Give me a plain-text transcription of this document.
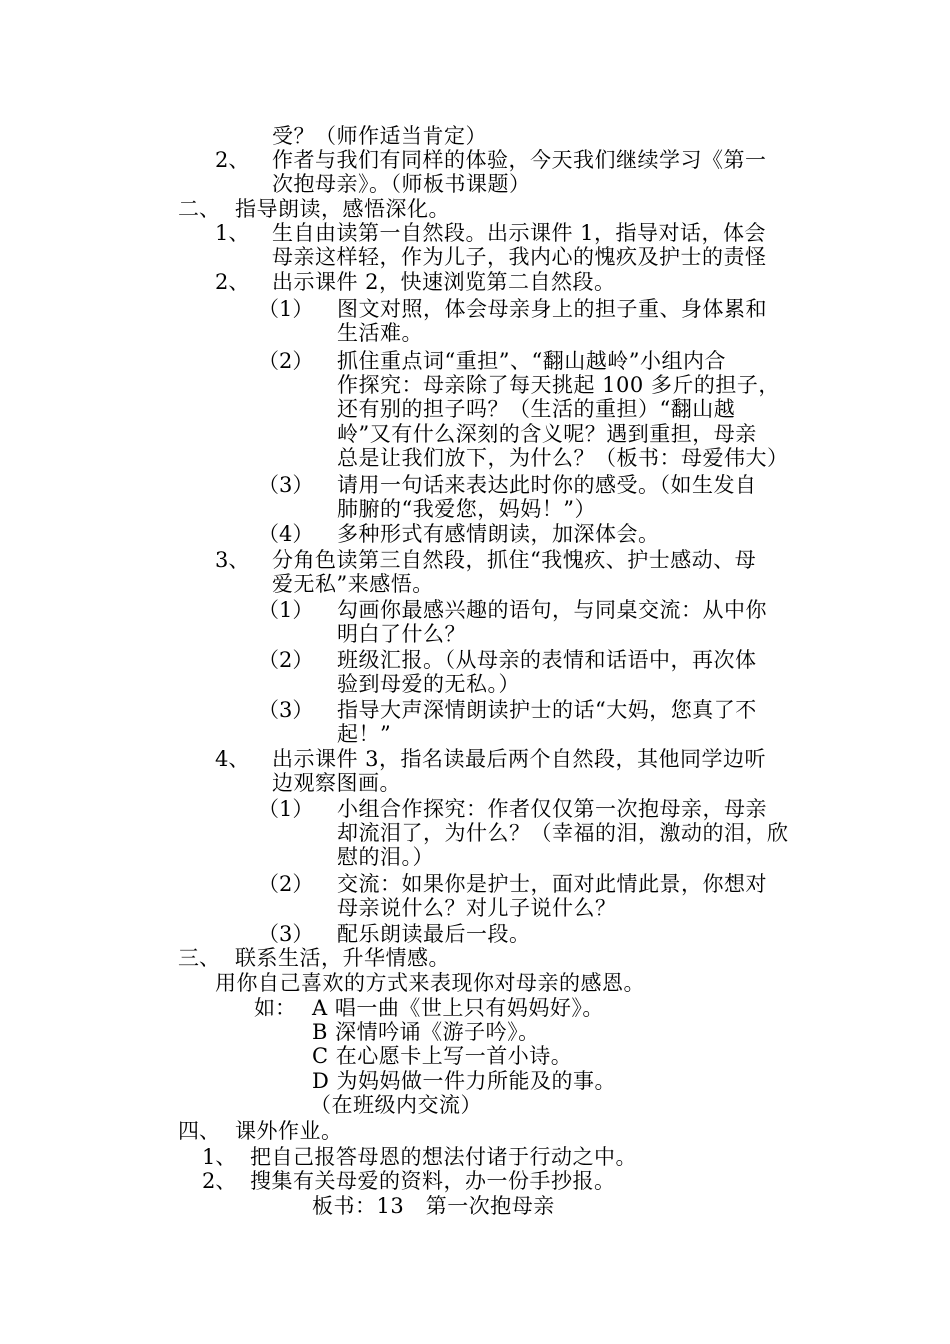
受？（师作适当肯定）
2、 作者与我们有同样的体验，今天我们继续学习《第一
次抱母亲》。（师板书课题）
二、 指导朗读，感悟深化。
1、 生自由读第一自然段。出示课件 1，指导对话，体会
母亲这样轻，作为儿子，我内心的愧疚及护士的责怪
2、 出示课件 2，快速浏览第二自然段。
（1） 图文对照，体会母亲身上的担子重、身体累和
生活难。
（2） 抓住重点词“重担”、“翻山越岭”小组内合
作探究：母亲除了每天挑起 100 多斤的担子，
还有别的担子吗？（生活的重担）“翻山越
岭”又有什么深刻的含义呢？遇到重担，母亲
总是让我们放下，为什么？（板书：母爱伟大）
（3） 请用一句话来表达此时你的感受。（如生发自
肺腑的“我爱您，妈妈！”）
（4） 多种形式有感情朗读，加深体会。
3、 分角色读第三自然段，抓住“我愧疚、护士感动、母
爱无私”来感悟。
（1） 勾画你最感兴趣的语句，与同桌交流：从中你
明白了什么？
（2） 班级汇报。（从母亲的表情和话语中，再次体
验到母爱的无私。）
（3） 指导大声深情朗读护士的话“大妈，您真了不
起！”
4、 出示课件 3，指名读最后两个自然段，其他同学边听
边观察图画。
（1） 小组合作探究：作者仅仅第一次抱母亲，母亲
却流泪了，为什么？（幸福的泪，激动的泪，欣
慰的泪。）
（2） 交流：如果你是护士，面对此情此景，你想对
母亲说什么？对儿子说什么？
（3） 配乐朗读最后一段。
三、 联系生活，升华情感。
用你自己喜欢的方式来表现你对母亲的感恩。
如： A 唱一曲《世上只有妈妈好》。
B 深情吟诵《游子吟》。
C 在心愿卡上写一首小诗。
D 为妈妈做一件力所能及的事。
（在班级内交流）
四、 课外作业。
1、 把自己报答母恩的想法付诸于行动之中。
2、 搜集有关母爱的资料，办一份手抄报。
板书：13　第一次抱母亲
